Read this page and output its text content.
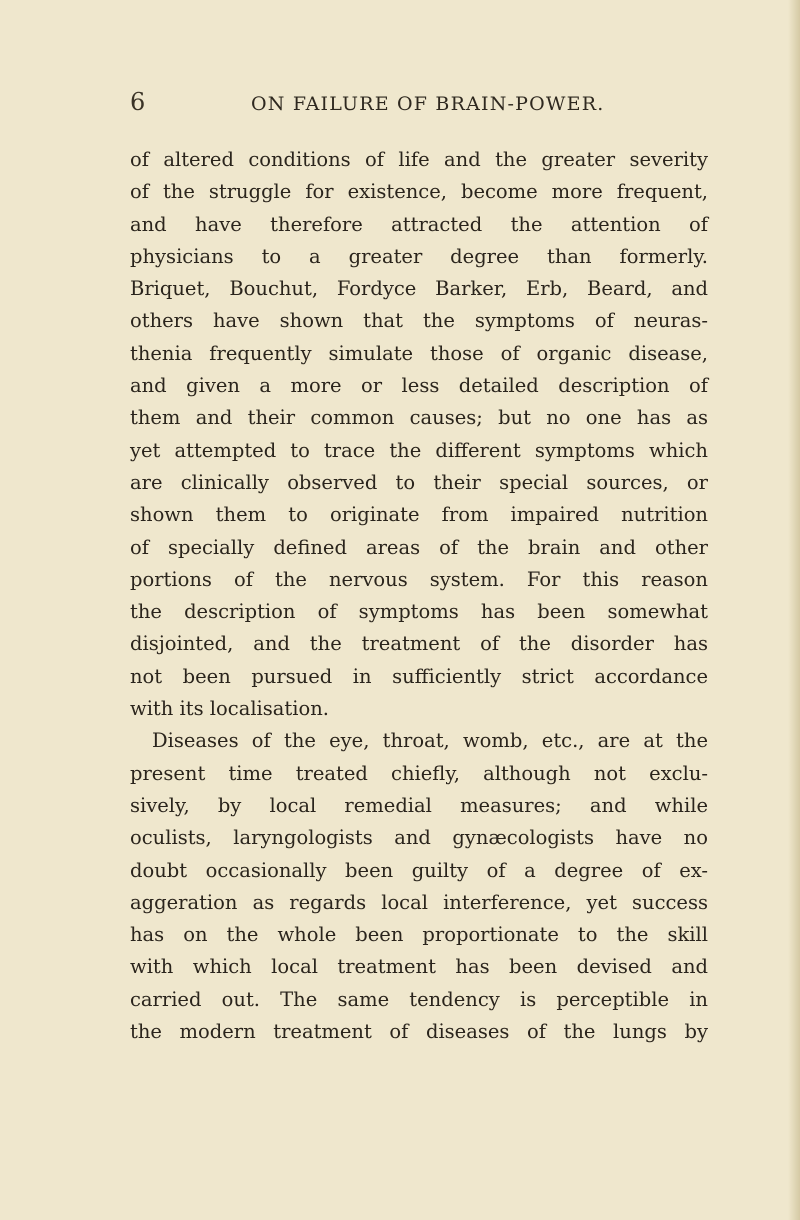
6	ON FAILURE OF BRAIN-POWER.
of altered conditions of life and the greater severity
of the struggle for existence, become more frequent,
and have therefore attracted the attention of
physicians to a greater degree than formerly.
Briquet, Bouchut, Fordyce Barker, Erb, Beard, and
others have shown that the symptoms of neuras-
thenia frequently simulate those of organic disease,
and given a more or less detailed description of
them and their common causes; but no one has as
yet attempted to trace the different symptoms which
are clinically observed to their special sources, or
shown them to originate from impaired nutrition
of specially defined areas of the brain and other
portions of the nervous system. For this reason
the description of symptoms has been somewhat
disjointed, and the treatment of the disorder has
not been pursued in sufficiently strict accordance
with its localisation.
Diseases of the eye, throat, womb, etc., are at the
present time treated chiefly, although not exclu-
sively, by local remedial measures; and while
oculists, laryngologists and gynæcologists have no
doubt occasionally been guilty of a degree of ex-
aggeration as regards local interference, yet success
has on the whole been proportionate to the skill
with which local treatment has been devised and
carried out. The same tendency is perceptible in
the modern treatment of diseases of the lungs by
